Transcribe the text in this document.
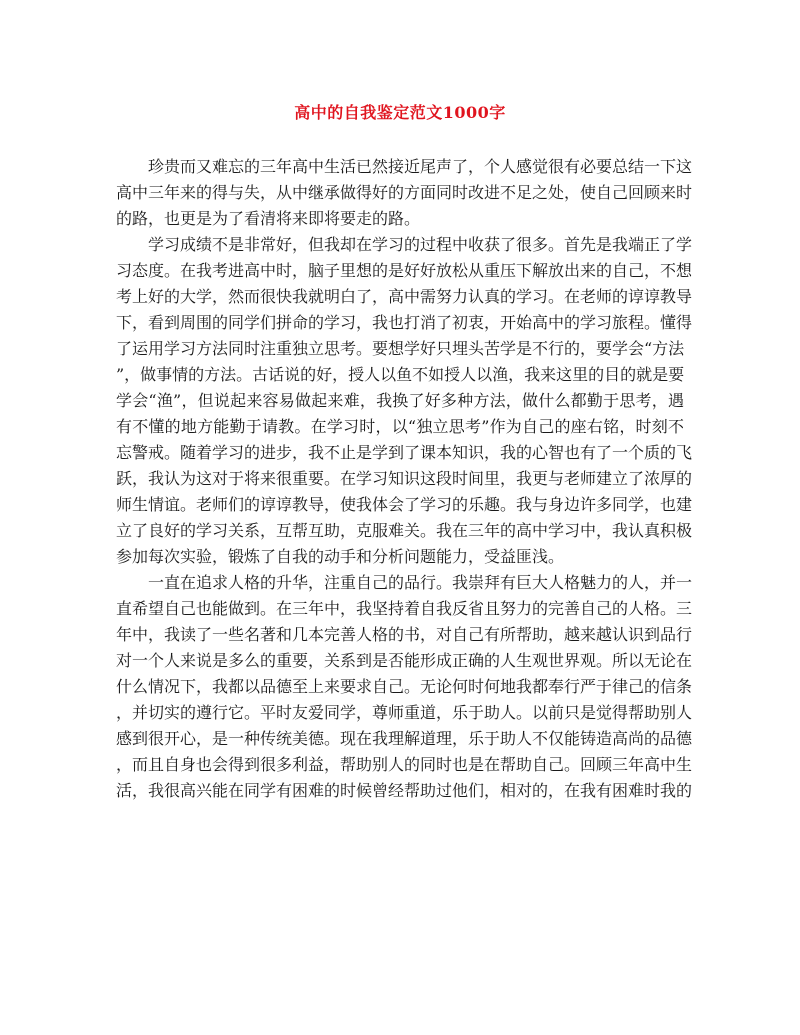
高中的自我鉴定范文1000字
珍贵而又难忘的三年高中生活已然接近尾声了，个人感觉很有必要总结一下这
高中三年来的得与失，从中继承做得好的方面同时改进不足之处，使自己回顾来时
的路，也更是为了看清将来即将要走的路。
学习成绩不是非常好，但我却在学习的过程中收获了很多。首先是我端正了学
习态度。在我考进高中时，脑子里想的是好好放松从重压下解放出来的自己，不想
考上好的大学，然而很快我就明白了，高中需努力认真的学习。在老师的谆谆教导
下，看到周围的同学们拼命的学习，我也打消了初衷，开始高中的学习旅程。懂得
了运用学习方法同时注重独立思考。要想学好只埋头苦学是不行的，要学会“方法
”，做事情的方法。古话说的好，授人以鱼不如授人以渔，我来这里的目的就是要
学会“渔”，但说起来容易做起来难，我换了好多种方法，做什么都勤于思考，遇
有不懂的地方能勤于请教。在学习时，以“独立思考”作为自己的座右铭，时刻不
忘警戒。随着学习的进步，我不止是学到了课本知识，我的心智也有了一个质的飞
跃，我认为这对于将来很重要。在学习知识这段时间里，我更与老师建立了浓厚的
师生情谊。老师们的谆谆教导，使我体会了学习的乐趣。我与身边许多同学，也建
立了良好的学习关系，互帮互助，克服难关。我在三年的高中学习中，我认真积极
参加每次实验，锻炼了自我的动手和分析问题能力，受益匪浅。
一直在追求人格的升华，注重自己的品行。我崇拜有巨大人格魅力的人，并一
直希望自己也能做到。在三年中，我坚持着自我反省且努力的完善自己的人格。三
年中，我读了一些名著和几本完善人格的书，对自己有所帮助，越来越认识到品行
对一个人来说是多么的重要，关系到是否能形成正确的人生观世界观。所以无论在
什么情况下，我都以品德至上来要求自己。无论何时何地我都奉行严于律己的信条
，并切实的遵行它。平时友爱同学，尊师重道，乐于助人。以前只是觉得帮助别人
感到很开心，是一种传统美德。现在我理解道理，乐于助人不仅能铸造高尚的品德
，而且自身也会得到很多利益，帮助别人的同时也是在帮助自己。回顾三年高中生
活，我很高兴能在同学有困难的时候曾经帮助过他们，相对的，在我有困难时我的
